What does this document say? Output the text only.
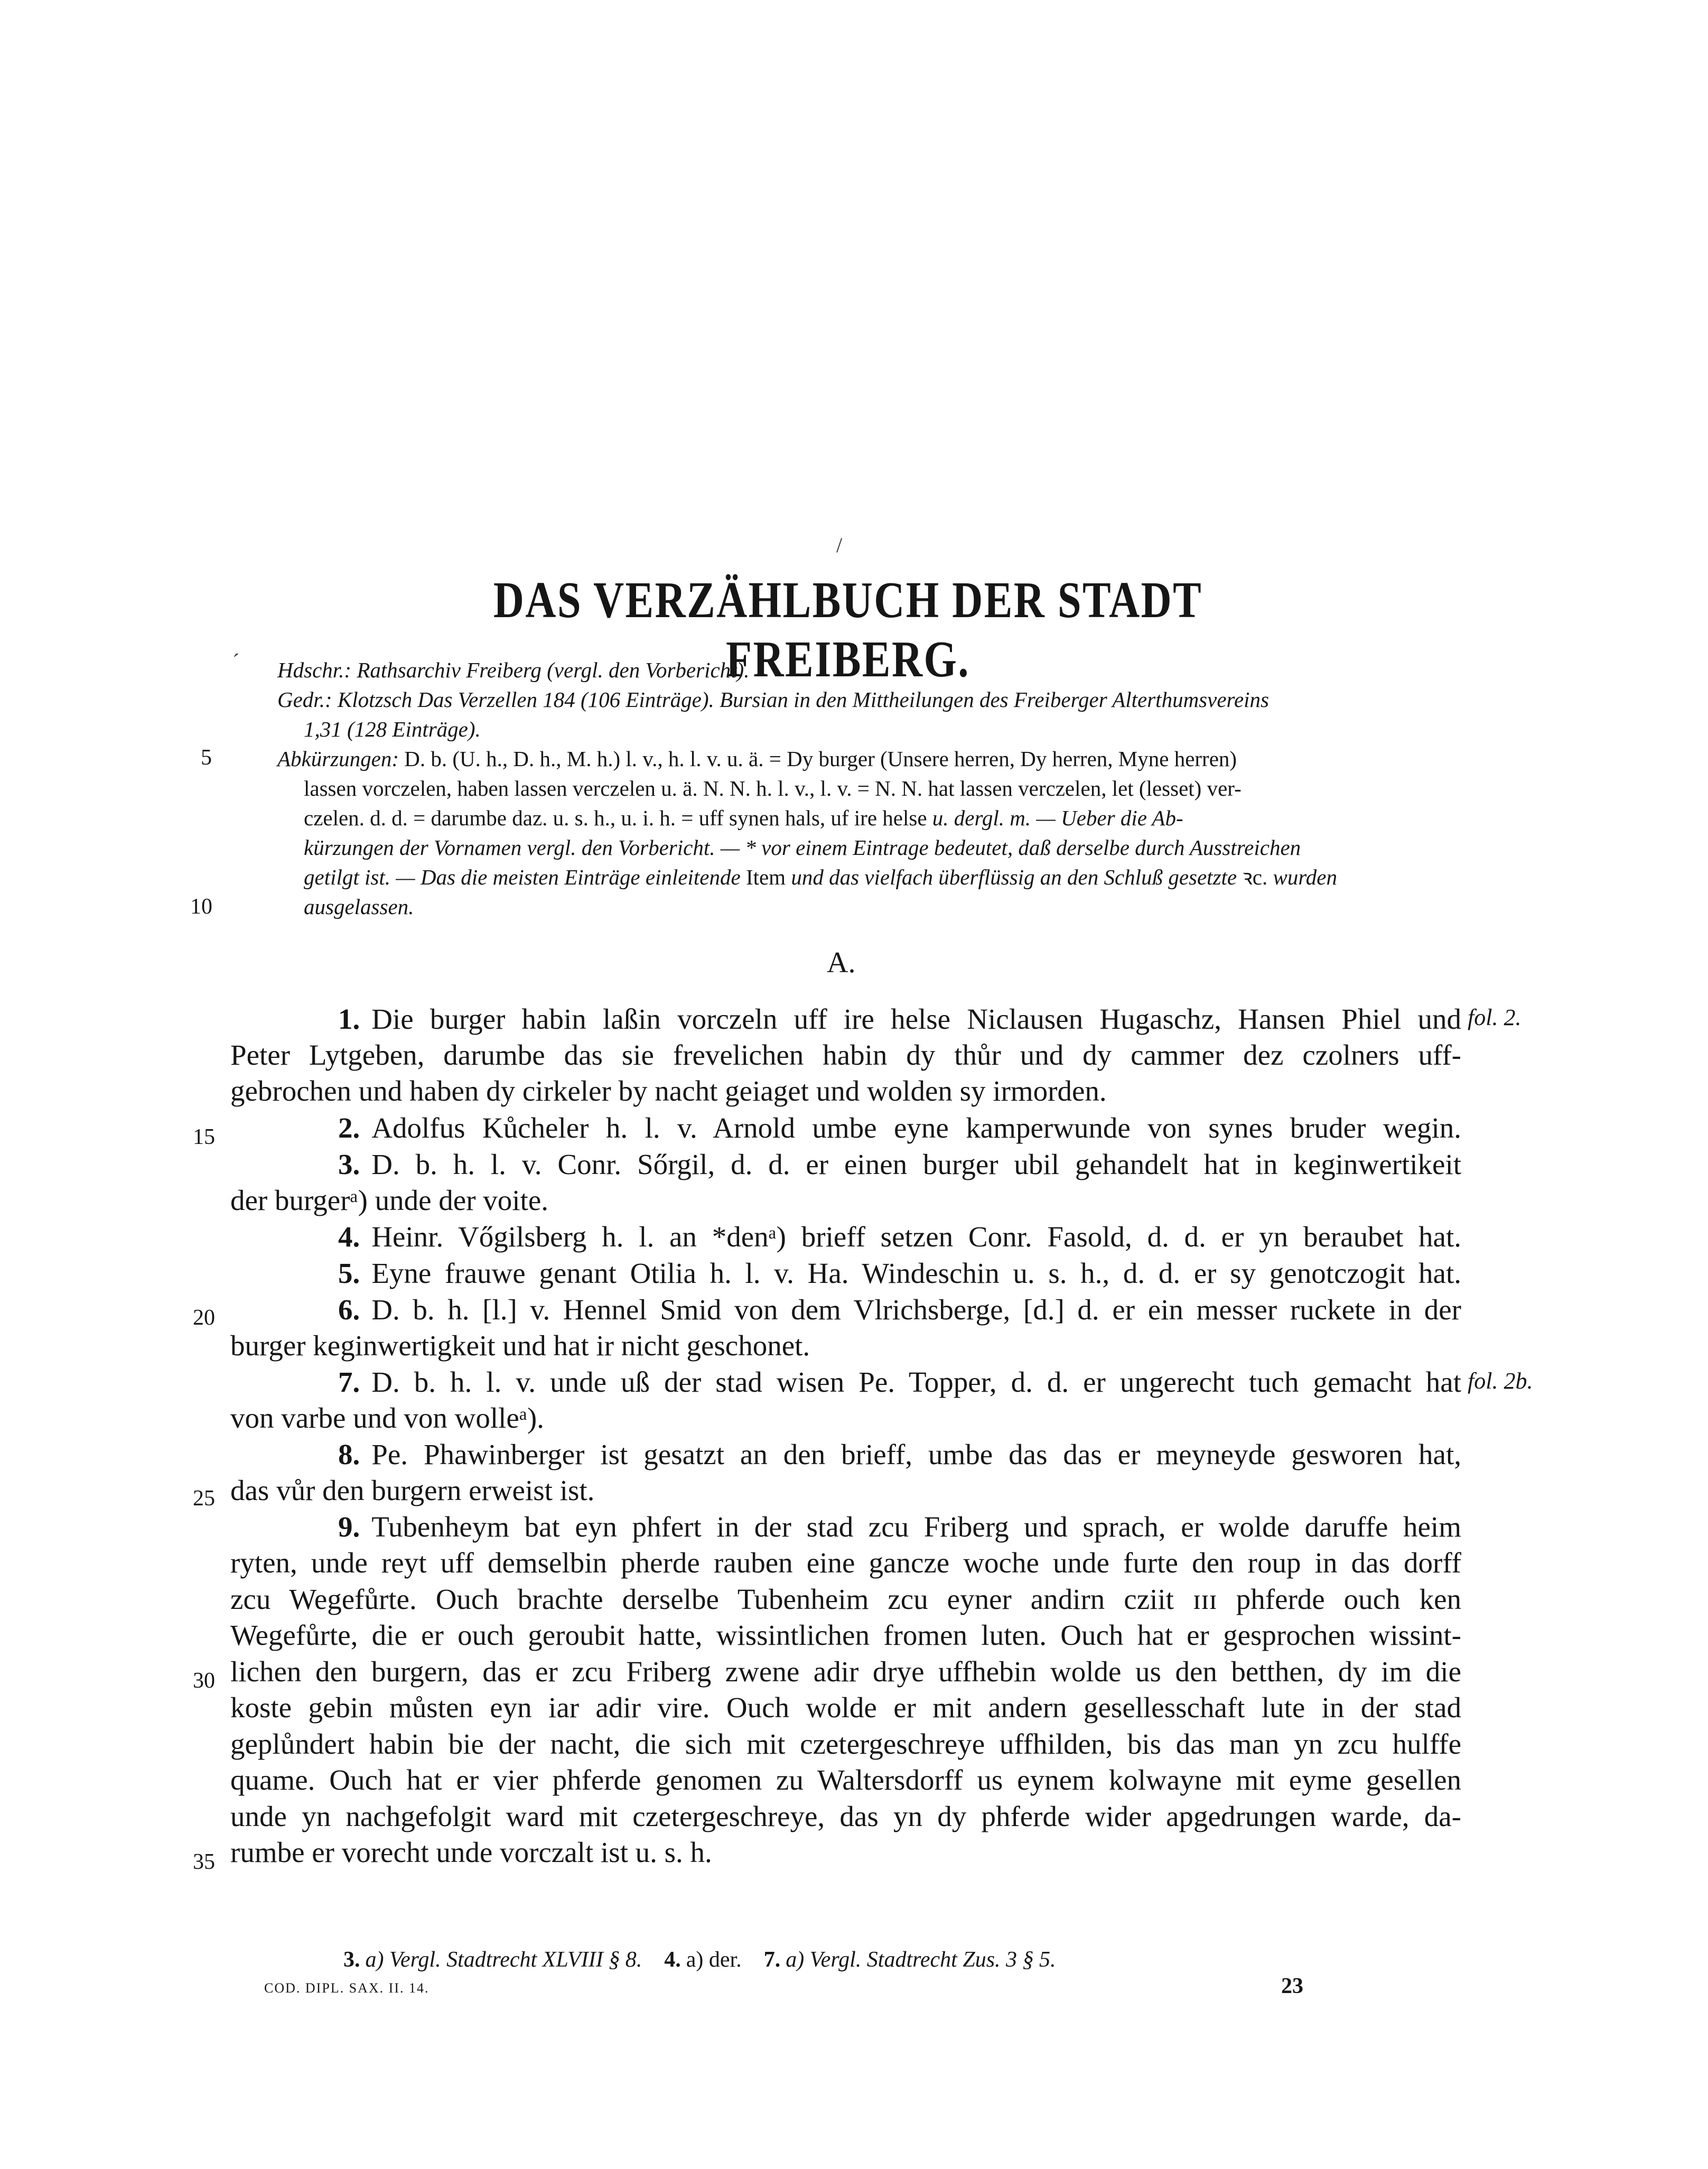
/
ˊ
DAS VERZÄHLBUCH DER STADT FREIBERG.
Hdschr.: Rathsarchiv Freiberg (vergl. den Vorbericht).
Gedr.: Klotzsch Das Verzellen 184 (106 Einträge). Bursian in den Mittheilungen des Freiberger Alterthumsvereins
1,31 (128 Einträge).
Abkürzungen: D. b. (U. h., D. h., M. h.) l. v., h. l. v. u. ä. = Dy burger (Unsere herren, Dy herren, Myne herren)
lassen vorczelen, haben lassen verczelen u. ä. N. N. h. l. v., l. v. = N. N. hat lassen verczelen, let (lesset) ver-
czelen. d. d. = darumbe daz. u. s. h., u. i. h. = uff synen hals, uf ire helse u. dergl. m. — Ueber die Ab-
kürzungen der Vornamen vergl. den Vorbericht. — * vor einem Eintrage bedeutet, daß derselbe durch Ausstreichen
getilgt ist. — Das die meisten Einträge einleitende Item und das vielfach überflüssig an den Schluß gesetzte ꝛc. wurden
ausgelassen.
5
10
15
20
25
30
35
A.
1. Die burger habin laßin vorczeln uff ire helse Niclausen Hugaschz, Hansen Phiel und fol. 2.
Peter Lytgeben, darumbe das sie frevelichen habin dy thůr und dy cammer dez czolners uff-
gebrochen und haben dy cirkeler by nacht geiaget und wolden sy irmorden.
2. Adolfus Kůcheler h. l. v. Arnold umbe eyne kamperwunde von synes bruder wegin.
3. D. b. h. l. v. Conr. Sőrgil, d. d. er einen burger ubil gehandelt hat in keginwertikeit
der burgerᵃ) unde der voite.
4. Heinr. Vőgilsberg h. l. an *denᵃ) brieff setzen Conr. Fasold, d. d. er yn beraubet hat.
5. Eyne frauwe genant Otilia h. l. v. Ha. Windeschin u. s. h., d. d. er sy genotczogit hat.
6. D. b. h. [l.] v. Hennel Smid von dem Vlrichsberge, [d.] d. er ein messer ruckete in der
burger keginwertigkeit und hat ir nicht geschonet.
7. D. b. h. l. v. unde uß der stad wisen Pe. Topper, d. d. er ungerecht tuch gemacht hat fol. 2b.
von varbe und von wolleᵃ).
8. Pe. Phawinberger ist gesatzt an den brieff, umbe das das er meyneyde gesworen hat,
das vůr den burgern erweist ist.
9. Tubenheym bat eyn phfert in der stad zcu Friberg und sprach, er wolde daruffe heim
ryten, unde reyt uff demselbin pherde rauben eine gancze woche unde furte den roup in das dorff
zcu Wegefůrte. Ouch brachte derselbe Tubenheim zcu eyner andirn cziit ɪɪɪ phferde ouch ken
Wegefůrte, die er ouch geroubit hatte, wissintlichen fromen luten. Ouch hat er gesprochen wissint-
lichen den burgern, das er zcu Friberg zwene adir drye uffhebin wolde us den betthen, dy im die
koste gebin můsten eyn iar adir vire. Ouch wolde er mit andern gesellesschaft lute in der stad
geplůndert habin bie der nacht, die sich mit czetergeschreye uffhilden, bis das man yn zcu hulffe
quame. Ouch hat er vier phferde genomen zu Waltersdorff us eynem kolwayne mit eyme gesellen
unde yn nachgefolgit ward mit czetergeschreye, das yn dy phferde wider apgedrungen warde, da-
rumbe er vorecht unde vorczalt ist u. s. h.
3. a) Vergl. Stadtrecht XLVIII § 8. 4. a) der. 7. a) Vergl. Stadtrecht Zus. 3 § 5.
COD. DIPL. SAX. II. 14.	23
